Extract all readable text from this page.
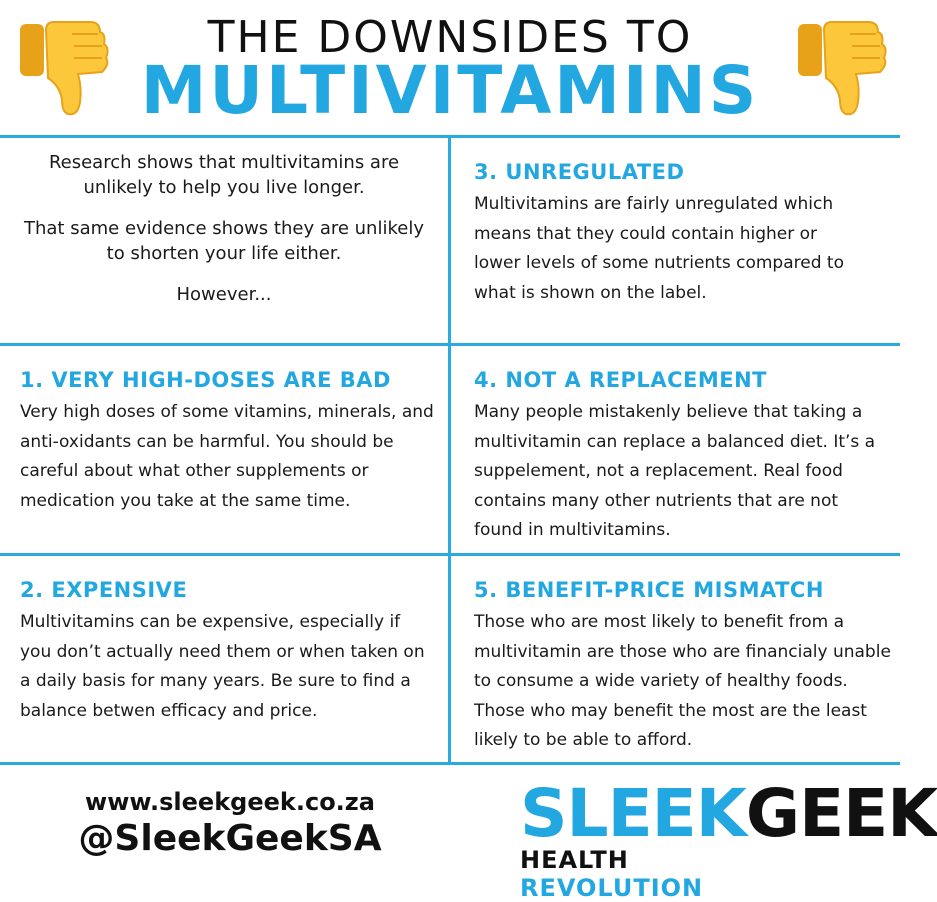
THE DOWNSIDES TO
MULTIVITAMINS

Research shows that multivitamins are unlikely to help you live longer.

That same evidence shows they are unlikely to shorten your life either.

However...

3. UNREGULATED

Multivitamins are fairly unregulated which means that they could contain higher or lower levels of some nutrients compared to what is shown on the label.

1. VERY HIGH-DOSES ARE BAD

Very high doses of some vitamins, minerals, and anti-oxidants can be harmful. You should be careful about what other supplements or medication you take at the same time.

4. NOT A REPLACEMENT

Many people mistakenly believe that taking a multivitamin can replace a balanced diet. It’s a suppelement, not a replacement. Real food contains many other nutrients that are not found in multivitamins.

2. EXPENSIVE

Multivitamins can be expensive, especially if you don’t actually need them or when taken on a daily basis for many years. Be sure to find a balance betwen efficacy and price.

5. BENEFIT-PRICE MISMATCH

Those who are most likely to benefit from a multivitamin are those who are financialy unable to consume a wide variety of healthy foods. Those who may benefit the most are the least likely to be able to afford.

www.sleekgeek.co.za
@SleekGeekSA SLEEKGEEK
HEALTH REVOLUTION
